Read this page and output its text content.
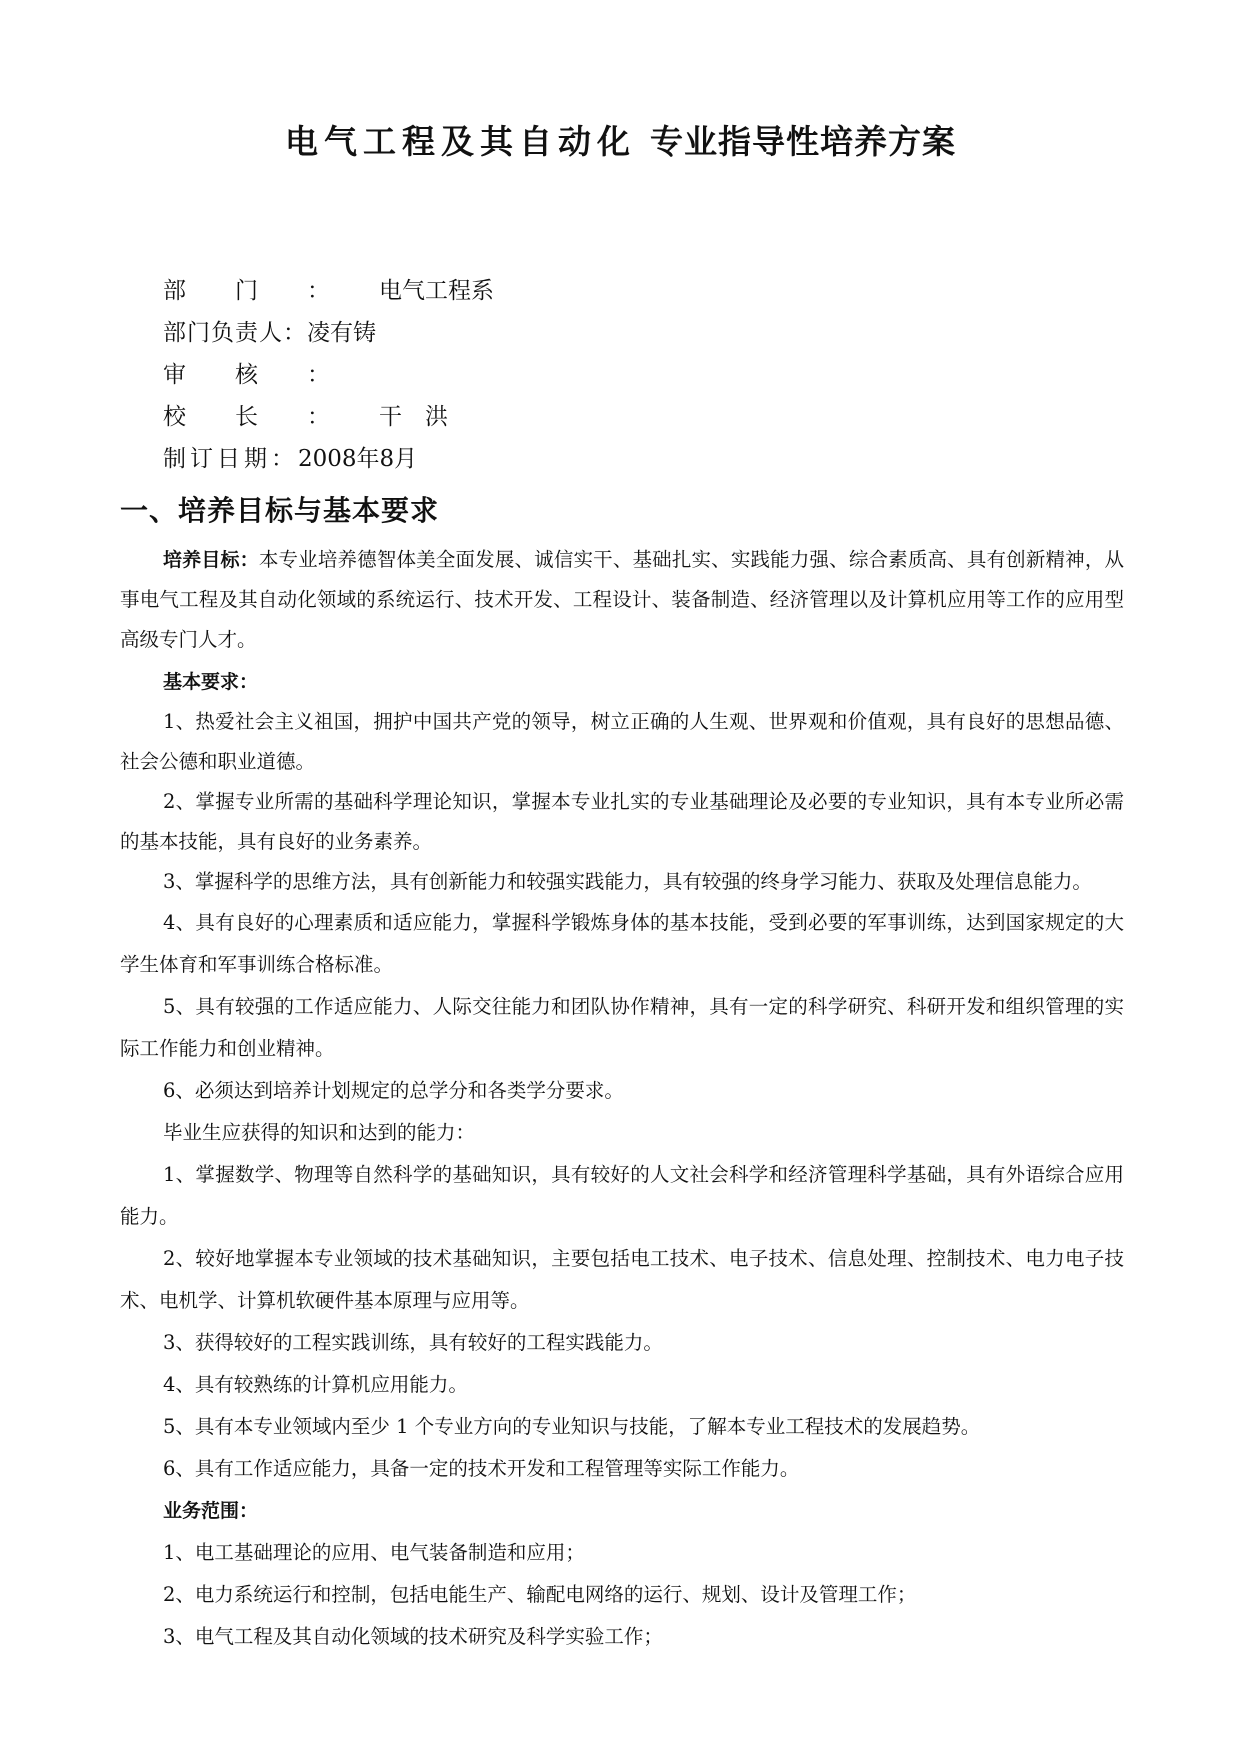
电气工程及其自动化 专业指导性培养方案
部门：电气工程系
部门负责人：凌有铸
审核：
校长：干　洪
制订日期：2008年8月
一、培养目标与基本要求

培养目标：本专业培养德智体美全面发展、诚信实干、基础扎实、实践能力强、综合素质高、具有创新精神，从事电气工程及其自动化领域的系统运行、技术开发、工程设计、装备制造、经济管理以及计算机应用等工作的应用型高级专门人才。

基本要求：

1、热爱社会主义祖国，拥护中国共产党的领导，树立正确的人生观、世界观和价值观，具有良好的思想品德、社会公德和职业道德。

2、掌握专业所需的基础科学理论知识，掌握本专业扎实的专业基础理论及必要的专业知识，具有本专业所必需的基本技能，具有良好的业务素养。

3、掌握科学的思维方法，具有创新能力和较强实践能力，具有较强的终身学习能力、获取及处理信息能力。

4、具有良好的心理素质和适应能力，掌握科学锻炼身体的基本技能，受到必要的军事训练，达到国家规定的大学生体育和军事训练合格标准。

5、具有较强的工作适应能力、人际交往能力和团队协作精神，具有一定的科学研究、科研开发和组织管理的实际工作能力和创业精神。

6、必须达到培养计划规定的总学分和各类学分要求。

毕业生应获得的知识和达到的能力：

1、掌握数学、物理等自然科学的基础知识，具有较好的人文社会科学和经济管理科学基础，具有外语综合应用能力。

2、较好地掌握本专业领域的技术基础知识，主要包括电工技术、电子技术、信息处理、控制技术、电力电子技术、电机学、计算机软硬件基本原理与应用等。

3、获得较好的工程实践训练，具有较好的工程实践能力。

4、具有较熟练的计算机应用能力。

5、具有本专业领域内至少 1 个专业方向的专业知识与技能，了解本专业工程技术的发展趋势。

6、具有工作适应能力，具备一定的技术开发和工程管理等实际工作能力。

业务范围：

1、电工基础理论的应用、电气装备制造和应用；

2、电力系统运行和控制，包括电能生产、输配电网络的运行、规划、设计及管理工作；

3、电气工程及其自动化领域的技术研究及科学实验工作；
